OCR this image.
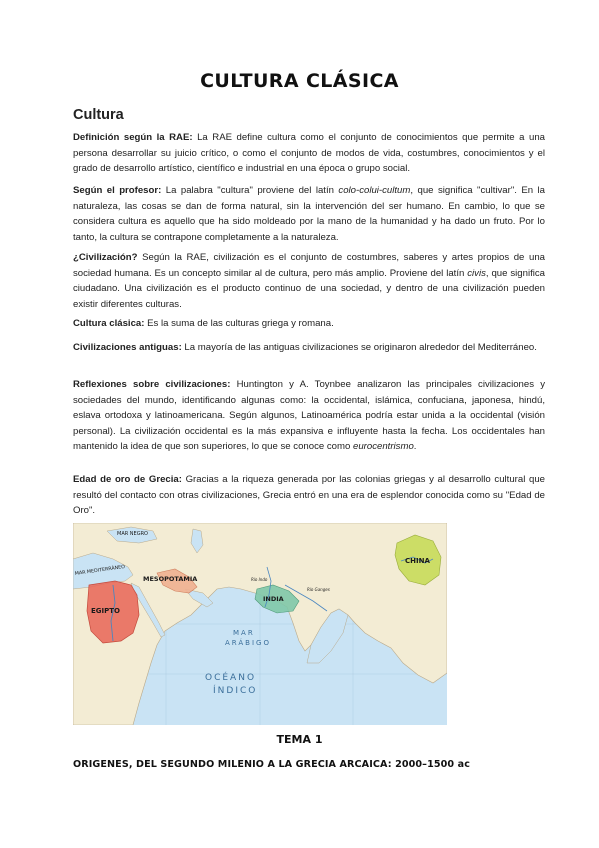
CULTURA CLÁSICA
Cultura

Definición según la RAE: La RAE define cultura como el conjunto de conocimientos que permite a una persona desarrollar su juicio crítico, o como el conjunto de modos de vida, costumbres, conocimientos y el grado de desarrollo artístico, científico e industrial en una época o grupo social.

Según el profesor: La palabra "cultura" proviene del latín colo-colui-cultum, que significa "cultivar". En la naturaleza, las cosas se dan de forma natural, sin la intervención del ser humano. En cambio, lo que se considera cultura es aquello que ha sido moldeado por la mano de la humanidad y ha dado un fruto. Por lo tanto, la cultura se contrapone completamente a la naturaleza.

¿Civilización? Según la RAE, civilización es el conjunto de costumbres, saberes y artes propios de una sociedad humana. Es un concepto similar al de cultura, pero más amplio. Proviene del latín civis, que significa ciudadano. Una civilización es el producto continuo de una sociedad, y dentro de una civilización pueden existir diferentes culturas.

Cultura clásica: Es la suma de las culturas griega y romana.

Civilizaciones antiguas: La mayoría de las antiguas civilizaciones se originaron alrededor del Mediterráneo.

Reflexiones sobre civilizaciones: Huntington y A. Toynbee analizaron las principales civilizaciones y sociedades del mundo, identificando algunas como: la occidental, islámica, confuciana, japonesa, hindú, eslava ortodoxa y latinoamericana. Según algunos, Latinoamérica podría estar unida a la occidental (visión personal). La civilización occidental es la más expansiva e influyente hasta la fecha. Los occidentales han mantenido la idea de que son superiores, lo que se conoce como eurocentrismo.

Edad de oro de Grecia: Gracias a la riqueza generada por las colonias griegas y al desarrollo cultural que resultó del contacto con otras civilizaciones, Grecia entró en una era de esplendor conocida como su "Edad de Oro".

MAR NEGRO
MAR MEDITERRÁNEO
MESOPOTAMIA
EGIPTO
INDIA
CHINA
Río Indo
Río Ganges
MAR
ARÁBIGO
OCÉANO
ÍNDICO
TEMA 1
ORIGENES, DEL SEGUNDO MILENIO A LA GRECIA ARCAICA: 2000–1500 ac
